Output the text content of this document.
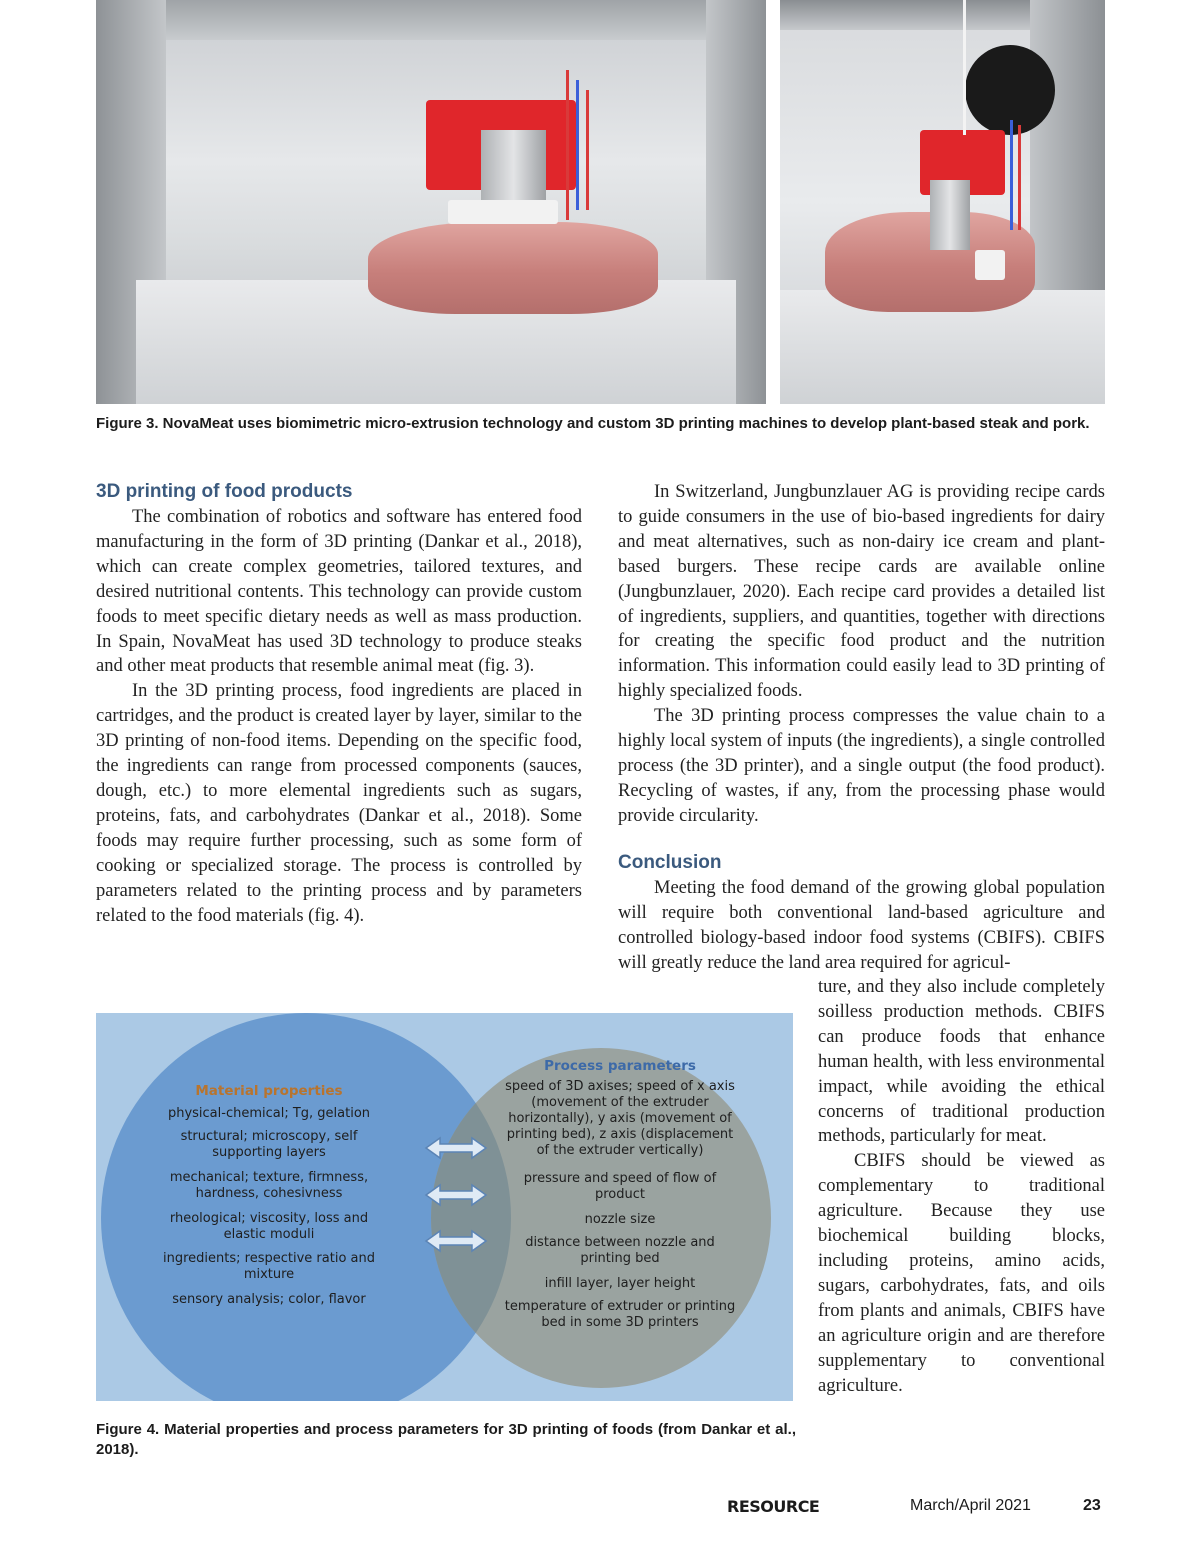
Figure 3. NovaMeat uses biomimetric micro-extrusion technology and custom 3D printing machines to develop plant-based steak and pork.
3D printing of food products

The combination of robotics and software has entered food manufacturing in the form of 3D printing (Dankar et al., 2018), which can create complex geometries, tailored textures, and desired nutritional contents. This technology can provide custom foods to meet specific dietary needs as well as mass production. In Spain, NovaMeat has used 3D technology to produce steaks and other meat products that resemble animal meat (fig. 3).

In the 3D printing process, food ingredients are placed in cartridges, and the product is created layer by layer, similar to the 3D printing of non-food items. Depending on the specific food, the ingredients can range from processed components (sauces, dough, etc.) to more elemental ingredients such as sugars, proteins, fats, and carbohydrates (Dankar et al., 2018). Some foods may require further processing, such as some form of cooking or specialized storage. The process is controlled by parameters related to the printing process and by parameters related to the food materials (fig. 4).

In Switzerland, Jungbunzlauer AG is providing recipe cards to guide consumers in the use of bio-based ingredients for dairy and meat alternatives, such as non-dairy ice cream and plant-based burgers. These recipe cards are available online (Jungbunzlauer, 2020). Each recipe card provides a detailed list of ingredients, suppliers, and quantities, together with directions for creating the specific food product and the nutrition information. This information could easily lead to 3D printing of highly specialized foods.

The 3D printing process compresses the value chain to a highly local system of inputs (the ingredients), a single controlled process (the 3D printer), and a single output (the food product). Recycling of wastes, if any, from the processing phase would provide circularity.

Conclusion

Meeting the food demand of the growing global population will require both conventional land-based agriculture and controlled biology-based indoor food systems (CBIFS). CBIFS will greatly reduce the land area required for agricul-

ture, and they also include completely soilless production methods. CBIFS can produce foods that enhance human health, with less environmental impact, while avoiding the ethical concerns of traditional production methods, particularly for meat.

CBIFS should be viewed as complementary to traditional agriculture. Because they use biochemical building blocks, including proteins, amino acids, sugars, carbohydrates, fats, and oils from plants and animals, CBIFS have an agriculture origin and are therefore supplementary to conventional agriculture.

Material properties
physical-chemical; Tg, gelation
structural; microscopy, self supporting layers
mechanical; texture, firmness, hardness, cohesivness
rheological; viscosity, loss and elastic moduli
ingredients; respective ratio and mixture
sensory analysis; color, flavor
Process parameters
speed of 3D axises; speed of x axis (movement of the extruder horizontally), y axis (movement of printing bed), z axis (displacement of the extruder vertically)
pressure and speed of flow of product
nozzle size
distance between nozzle and printing bed
infill layer, layer height
temperature of extruder or printing bed in some 3D printers
Figure 4. Material properties and process parameters for 3D printing of foods (from Dankar et al., 2018).
RESOURCE	March/April 2021	23
